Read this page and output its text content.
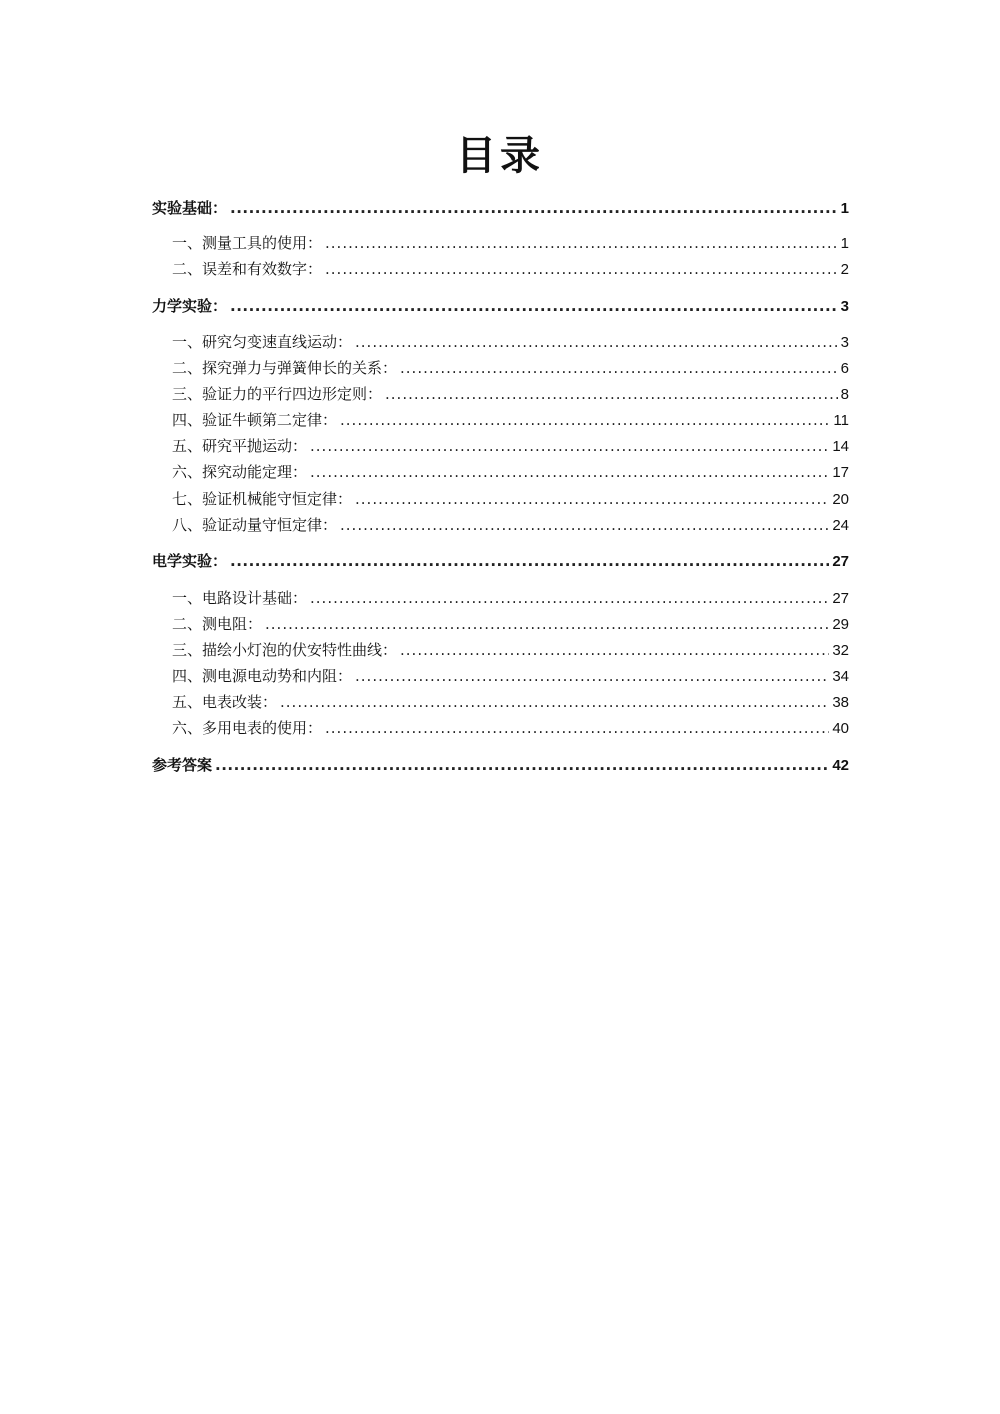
目录
实验基础： .....	1
一、测量工具的使用： .....	1
二、误差和有效数字： .....	2
力学实验： .....	3
一、研究匀变速直线运动： .....	3
二、探究弹力与弹簧伸长的关系： .....	6
三、验证力的平行四边形定则： .....	8
四、验证牛顿第二定律： .....	11
五、研究平抛运动： .....	14
六、探究动能定理： .....	17
七、验证机械能守恒定律： .....	20
八、验证动量守恒定律： .....	24
电学实验： .....	27
一、电路设计基础： .....	27
二、测电阻： .....	29
三、描绘小灯泡的伏安特性曲线： .....	32
四、测电源电动势和内阻： .....	34
五、电表改装： .....	38
六、多用电表的使用： .....	40
参考答案 .....	42
